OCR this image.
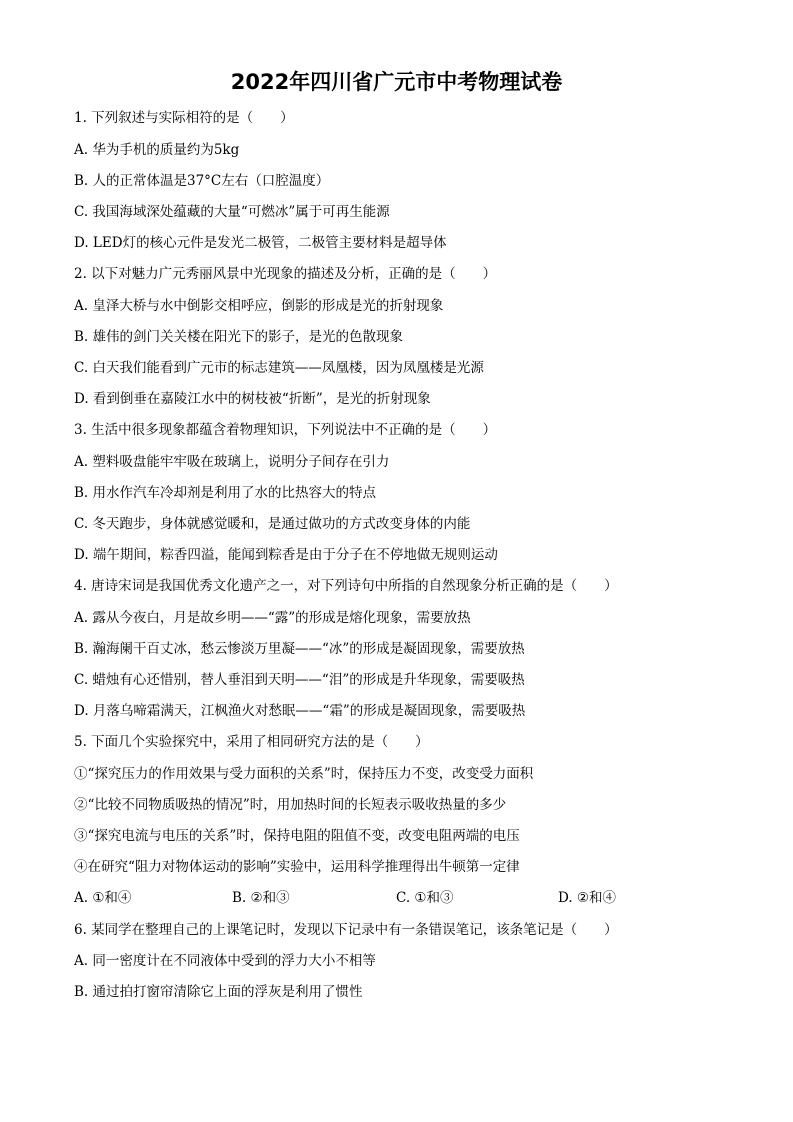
2022年四川省广元市中考物理试卷
1. 下列叙述与实际相符的是（　　）
A. 华为手机的质量约为5kg
B. 人的正常体温是37°C左右（口腔温度）
C. 我国海域深处蕴藏的大量“可燃冰”属于可再生能源
D. LED灯的核心元件是发光二极管，二极管主要材料是超导体
2. 以下对魅力广元秀丽风景中光现象的描述及分析，正确的是（　　）
A. 皇泽大桥与水中倒影交相呼应，倒影的形成是光的折射现象
B. 雄伟的剑门关关楼在阳光下的影子，是光的色散现象
C. 白天我们能看到广元市的标志建筑——凤凰楼，因为凤凰楼是光源
D. 看到倒垂在嘉陵江水中的树枝被“折断”，是光的折射现象
3. 生活中很多现象都蕴含着物理知识，下列说法中不正确的是（　　）
A. 塑料吸盘能牢牢吸在玻璃上，说明分子间存在引力
B. 用水作汽车冷却剂是利用了水的比热容大的特点
C. 冬天跑步，身体就感觉暖和，是通过做功的方式改变身体的内能
D. 端午期间，粽香四溢，能闻到粽香是由于分子在不停地做无规则运动
4. 唐诗宋词是我国优秀文化遗产之一，对下列诗句中所指的自然现象分析正确的是（　　）
A. 露从今夜白，月是故乡明——“露”的形成是熔化现象，需要放热
B. 瀚海阑干百丈冰，愁云惨淡万里凝——“冰”的形成是凝固现象，需要放热
C. 蜡烛有心还惜别，替人垂泪到天明——“泪”的形成是升华现象，需要吸热
D. 月落乌啼霜满天，江枫渔火对愁眠——“霜”的形成是凝固现象，需要吸热
5. 下面几个实验探究中，采用了相同研究方法的是（　　）
①“探究压力的作用效果与受力面积的关系”时，保持压力不变，改变受力面积
②“比较不同物质吸热的情况”时，用加热时间的长短表示吸收热量的多少
③“探究电流与电压的关系”时，保持电阻的阻值不变，改变电阻两端的电压
④在研究“阻力对物体运动的影响”实验中，运用科学推理得出牛顿第一定律
A. ①和④	B. ②和③	C. ①和③	D. ②和④
6. 某同学在整理自己的上课笔记时，发现以下记录中有一条错误笔记，该条笔记是（　　）
A. 同一密度计在不同液体中受到的浮力大小不相等
B. 通过拍打窗帘清除它上面的浮灰是利用了惯性
